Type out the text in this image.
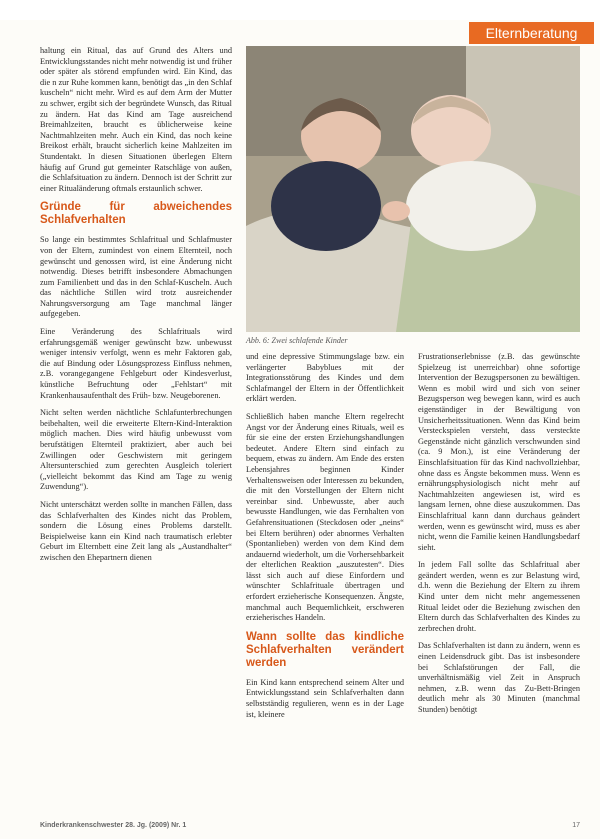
Elternberatung

haltung ein Ritual, das auf Grund des Alters und Entwicklungsstandes nicht mehr notwendig ist und früher oder später als störend empfunden wird. Ein Kind, das die n zur Ruhe kommen kann, benötigt das „in den Schlaf kuscheln“ nicht mehr. Wird es auf dem Arm der Mutter zu schwer, ergibt sich der begründete Wunsch, das Ritual zu ändern. Hat das Kind am Tage ausreichend Breimahlzeiten, braucht es üblicherweise keine Nachtmahlzeiten mehr. Auch ein Kind, das noch keine Breikost erhält, braucht sicherlich keine Mahlzeiten im Stundentakt. In diesen Situationen überlegen Eltern häufig auf Grund gut gemeinter Ratschläge von außen, die Schlafsituation zu ändern. Dennoch ist der Schritt zur einer Ritualänderung oftmals erstaunlich schwer.

Gründe für abweichendes Schlafverhalten

So lange ein bestimmtes Schlafritual und Schlafmuster von der Eltern, zumindest von einem Elternteil, noch gewünscht und genossen wird, ist eine Änderung nicht notwendig. Dieses betrifft insbesondere Abmachungen zum Familienbett und das in den Schlaf-Kuscheln. Auch das nächtliche Stillen wird trotz ausreichender Nahrungsversorgung am Tage manchmal länger aufgegeben.

Eine Veränderung des Schlafrituals wird erfahrungsgemäß weniger gewünscht bzw. unbewusst weniger intensiv verfolgt, wenn es mehr Faktoren gab, die auf Bindung oder Lösungsprozess Einfluss nehmen, z.B. vorangegangene Fehlgeburt oder Kindesverlust, künstliche Befruchtung oder „Fehlstart“ mit Krankenhausaufenthalt des Früh- bzw. Neugeborenen.

Nicht selten werden nächtliche Schlafunterbrechungen beibehalten, weil die erweiterte Eltern-Kind-Interaktion möglich machen. Dies wird häufig unbewusst vom berufstätigen Elternteil praktiziert, aber auch bei Zwillingen oder Geschwistern mit geringem Altersunterschied zum gerechten Ausgleich toleriert („vielleicht bekommt das Kind am Tage zu wenig Zuwendung“).

Nicht unterschätzt werden sollte in manchen Fällen, dass das Schlafverhalten des Kindes nicht das Problem, sondern die Lösung eines Problems darstellt. Beispielweise kann ein Kind nach traumatisch erlebter Geburt im Elternbett eine Zeit lang als „Austandhalter“ zwischen den Ehepartnern dienen

Abb. 6: Zwei schlafende Kinder

und eine depressive Stimmungslage bzw. ein verlängerter Babyblues mit der Integrationsstörung des Kindes und dem Schlafmangel der Eltern in der Öffentlichkeit erklärt werden.

Schließlich haben manche Eltern regelrecht Angst vor der Änderung eines Rituals, weil es für sie eine der ersten Erziehungshandlungen bedeutet. Andere Eltern sind einfach zu bequem, etwas zu ändern. Am Ende des ersten Lebensjahres beginnen Kinder Verhaltensweisen oder Interessen zu bekunden, die mit den Vorstellungen der Eltern nicht vereinbar sind. Unbewusste, aber auch bewusste Handlungen, wie das Fernhalten von Gefahrensituationen (Steckdosen oder „neins“ bei Eltern berühren) oder abnormes Verhalten (Spontanlieben) werden von dem Kind dem andauernd wiederholt, um die Vorhersehbarkeit der elterlichen Reaktion „auszutesten“. Dies lässt sich auch auf diese Einfordern und wünschter Schlafrituale übertragen und erfordert erzieherische Konsequenzen. Ängste, manchmal auch Bequemlichkeit, erschweren erzieherisches Handeln.

Wann sollte das kindliche Schlafverhalten verändert werden

Ein Kind kann entsprechend seinem Alter und Entwicklungsstand sein Schlafverhalten dann selbstständig regulieren, wenn es in der Lage ist, kleinere

Frustrationserlebnisse (z.B. das gewünschte Spielzeug ist unerreichbar) ohne sofortige Intervention der Bezugspersonen zu bewältigen. Wenn es mobil wird und sich von seiner Bezugsperson weg bewegen kann, wird es auch eigenständiger in der Bewältigung von Unsicherheitssituationen. Wenn das Kind beim Versteckspielen versteht, dass versteckte Gegenstände nicht gänzlich verschwunden sind (ca. 9 Mon.), ist eine Veränderung der Einschlafsituation für das Kind nachvollziehbar, ohne dass es Ängste bekommen muss. Wenn es ernährungsphysiologisch nicht mehr auf Nachtmahlzeiten angewiesen ist, wird es langsam lernen, ohne diese auszukommen. Das Einschlafritual kann dann durchaus geändert werden, wenn es gewünscht wird, muss es aber nicht, wenn die Familie keinen Handlungsbedarf sieht.

In jedem Fall sollte das Schlafritual aber geändert werden, wenn es zur Belastung wird, d.h. wenn die Beziehung der Eltern zu ihrem Kind unter dem nicht mehr angemessenen Ritual leidet oder die Beziehung zwischen den Eltern durch das Schlafverhalten des Kindes zu zerbrechen droht.

Das Schlafverhalten ist dann zu ändern, wenn es einen Leidensdruck gibt. Das ist insbesondere bei Schlafstörungen der Fall, die unverhältnismäßig viel Zeit in Anspruch nehmen, z.B. wenn das Zu-Bett-Bringen deutlich mehr als 30 Minuten (manchmal Stunden) benötigt

Kinderkrankenschwester 28. Jg. (2009) Nr. 1	17
